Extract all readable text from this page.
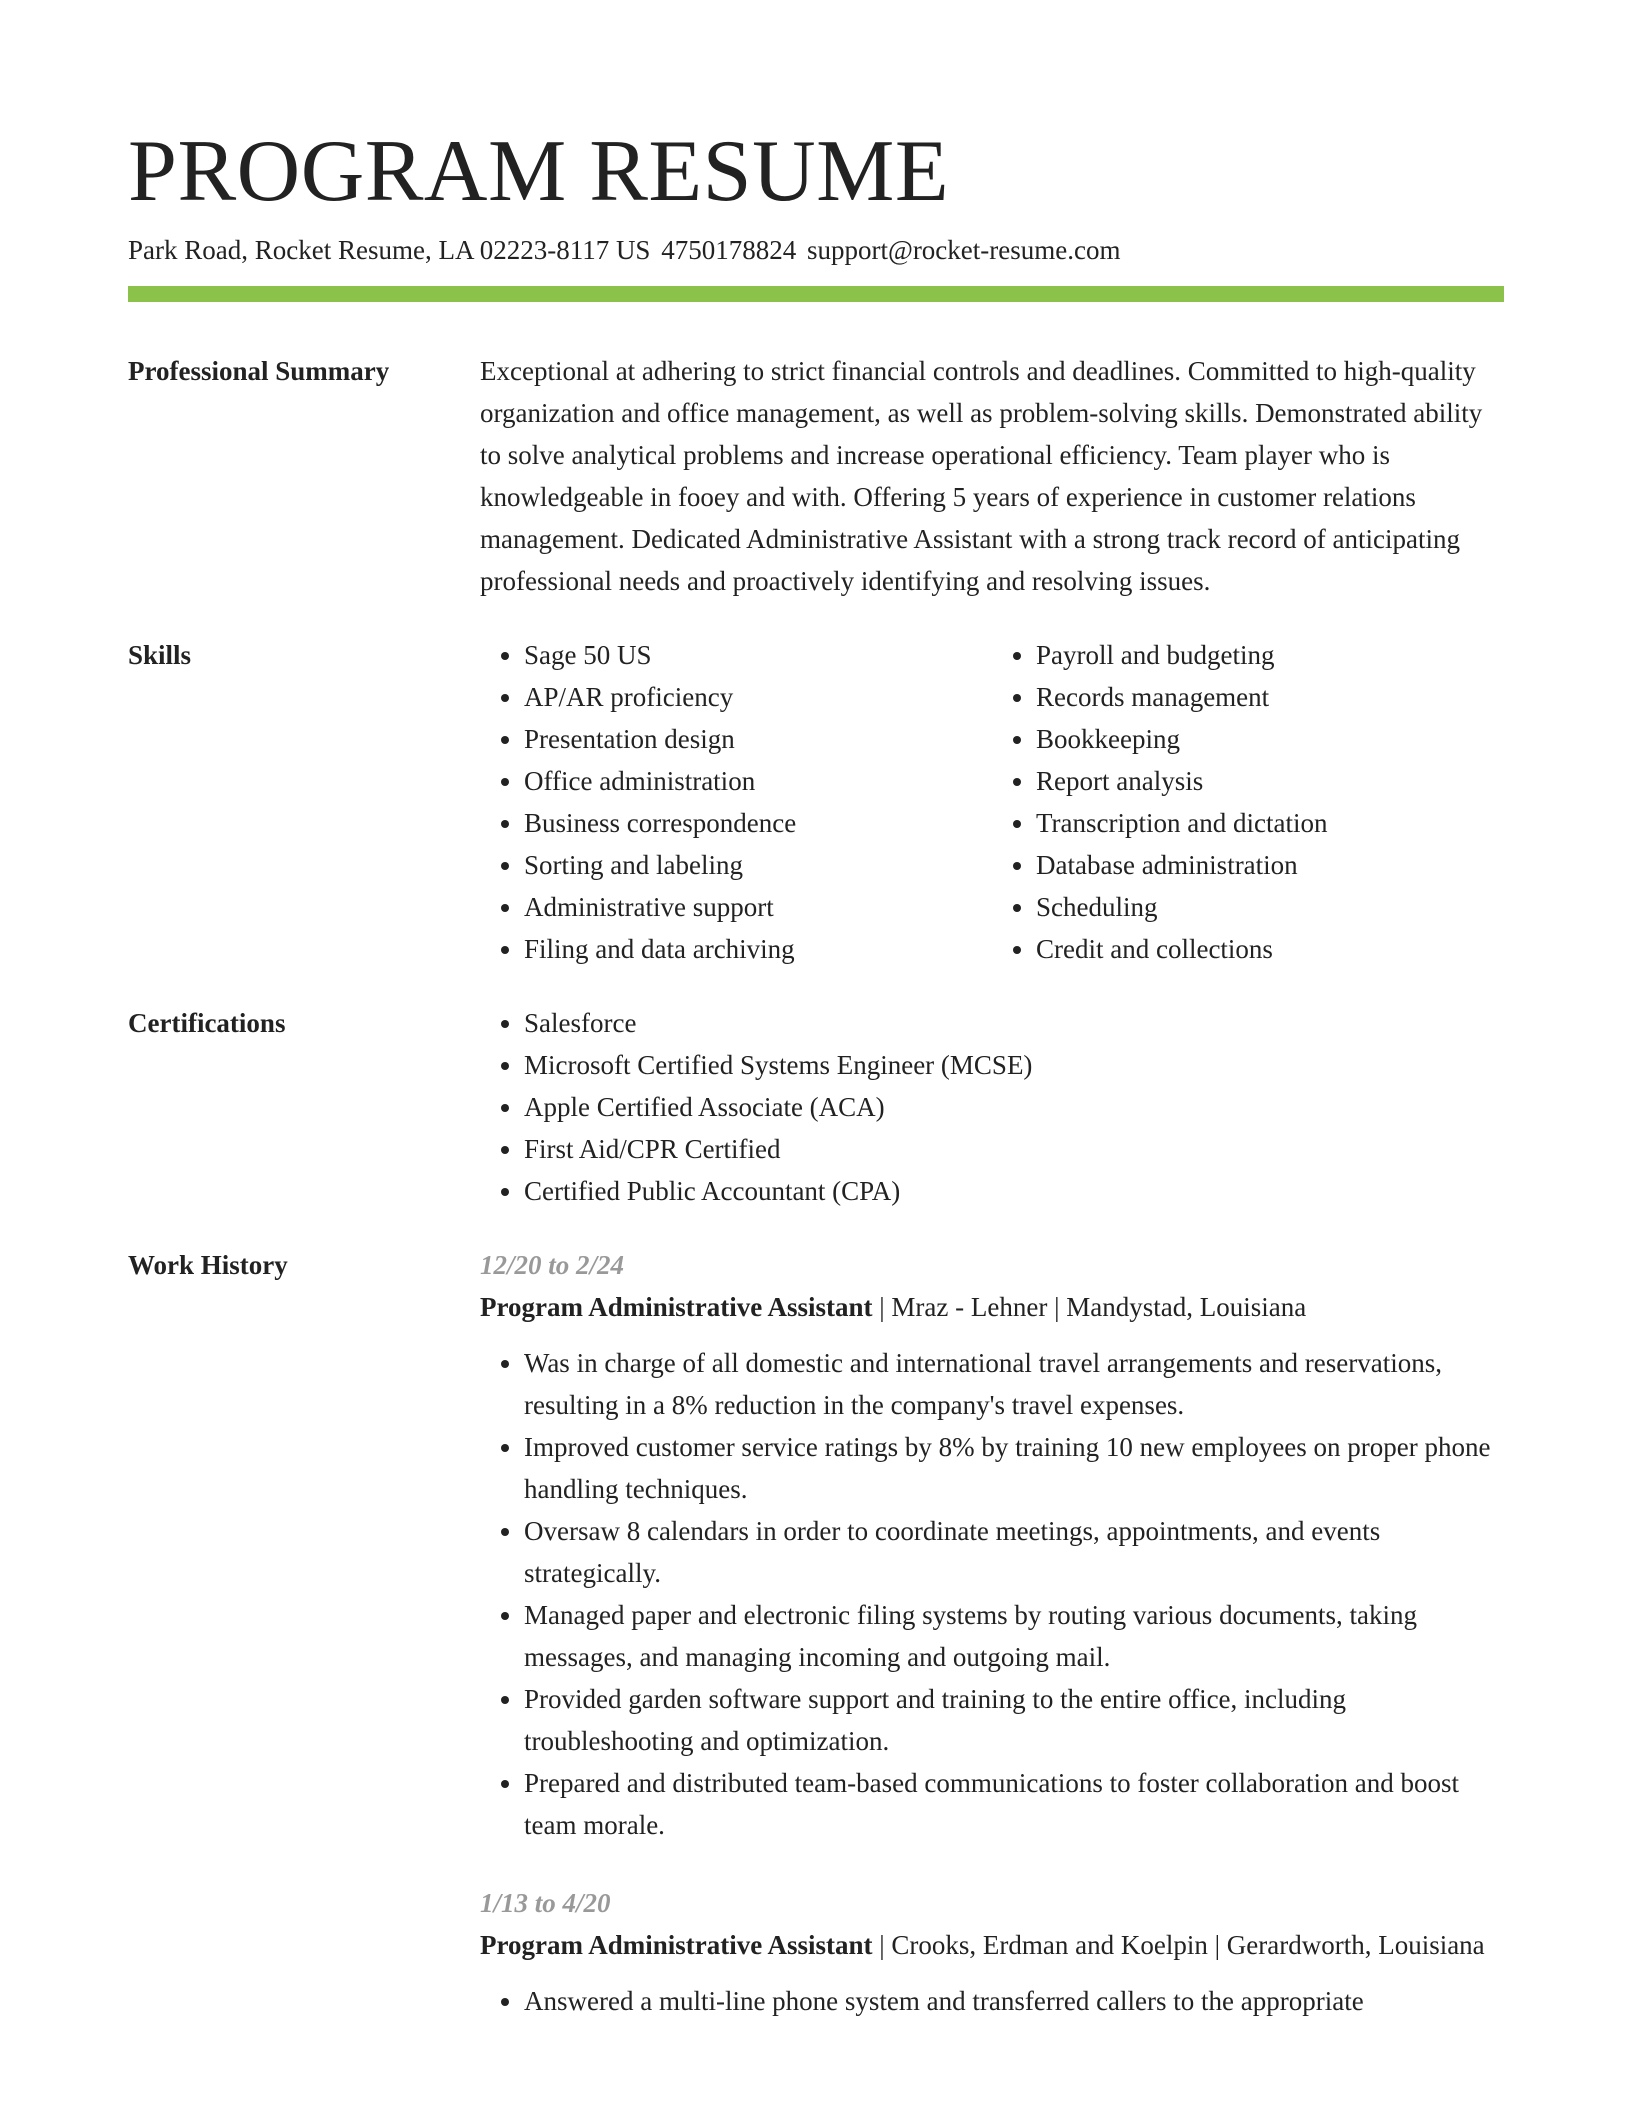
PROGRAM RESUME
Park Road, Rocket Resume, LA 02223-8117 US 4750178824 support@rocket-resume.com
Professional Summary	Exceptional at adhering to strict financial controls and deadlines. Committed to high-quality organization and office management, as well as problem-solving skills. Demonstrated ability to solve analytical problems and increase operational efficiency. Team player who is knowledgeable in fooey and with. Offering 5 years of experience in customer relations management. Dedicated Administrative Assistant with a strong track record of anticipating professional needs and proactively identifying and resolving issues.

Skills	• Sage 50 US
• AP/AR proficiency
• Presentation design
• Office administration
• Business correspondence
• Sorting and labeling
• Administrative support
• Filing and data archiving
• Payroll and budgeting
• Records management
• Bookkeeping
• Report analysis
• Transcription and dictation
• Database administration
• Scheduling
• Credit and collections
Certifications	• Salesforce
• Microsoft Certified Systems Engineer (MCSE)
• Apple Certified Associate (ACA)
• First Aid/CPR Certified
• Certified Public Accountant (CPA)
Work History	12/20 to 2/24
Program Administrative Assistant | Mraz - Lehner | Mandystad, Louisiana
• Was in charge of all domestic and international travel arrangements and reservations, resulting in a 8% reduction in the company's travel expenses.
• Improved customer service ratings by 8% by training 10 new employees on proper phone handling techniques.
• Oversaw 8 calendars in order to coordinate meetings, appointments, and events strategically.
• Managed paper and electronic filing systems by routing various documents, taking messages, and managing incoming and outgoing mail.
• Provided garden software support and training to the entire office, including troubleshooting and optimization.
• Prepared and distributed team-based communications to foster collaboration and boost team morale.
1/13 to 4/20
Program Administrative Assistant | Crooks, Erdman and Koelpin | Gerardworth, Louisiana
• Answered a multi-line phone system and transferred callers to the appropriate
